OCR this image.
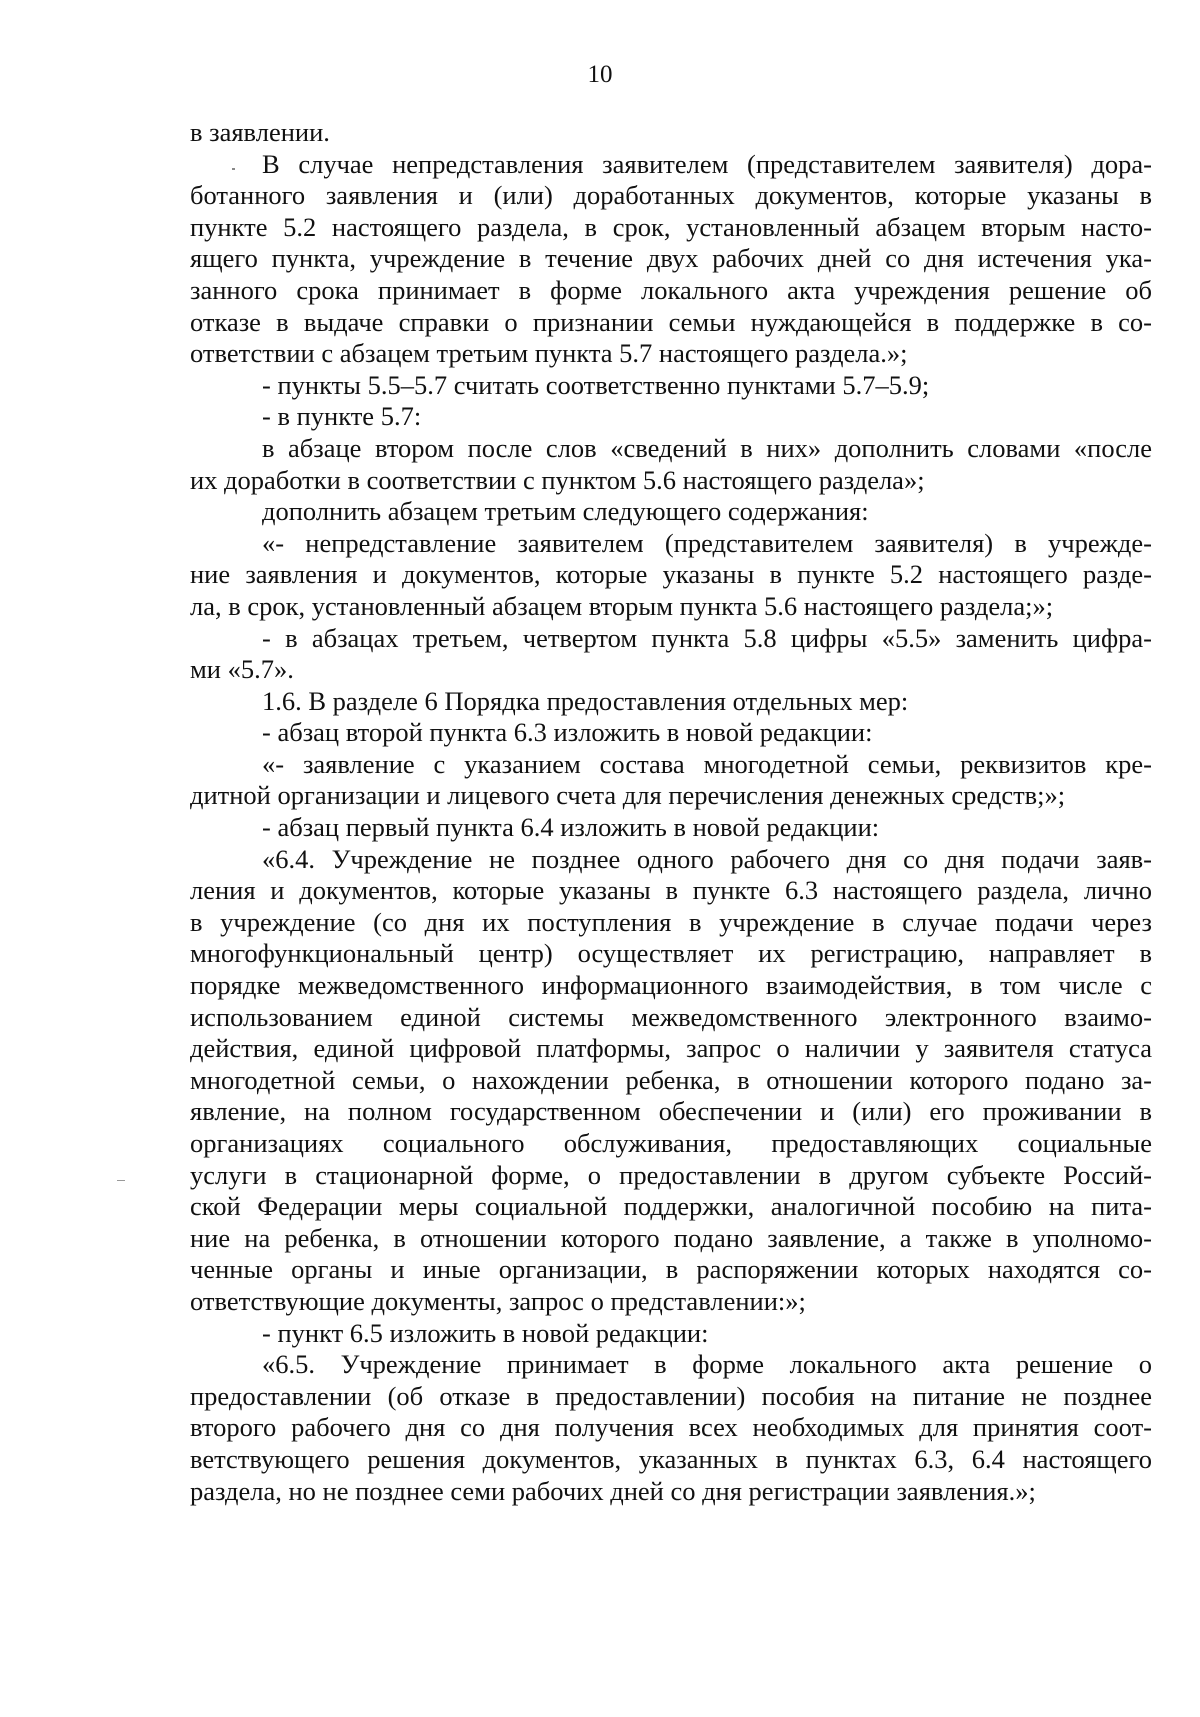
10
в заявлении.
В случае непредставления заявителем (представителем заявителя) дора-
ботанного заявления и (или) доработанных документов, которые указаны в
пункте 5.2 настоящего раздела, в срок, установленный абзацем вторым насто-
ящего пункта, учреждение в течение двух рабочих дней со дня истечения ука-
занного срока принимает в форме локального акта учреждения решение об
отказе в выдаче справки о признании семьи нуждающейся в поддержке в со-
ответствии с абзацем третьим пункта 5.7 настоящего раздела.»;
- пункты 5.5–5.7 считать соответственно пунктами 5.7–5.9;
- в пункте 5.7:
в абзаце втором после слов «сведений в них» дополнить словами «после
их доработки в соответствии с пунктом 5.6 настоящего раздела»;
дополнить абзацем третьим следующего содержания:
«- непредставление заявителем (представителем заявителя) в учрежде-
ние заявления и документов, которые указаны в пункте 5.2 настоящего разде-
ла, в срок, установленный абзацем вторым пункта 5.6 настоящего раздела;»;
- в абзацах третьем, четвертом пункта 5.8 цифры «5.5» заменить цифра-
ми «5.7».
1.6. В разделе 6 Порядка предоставления отдельных мер:
- абзац второй пункта 6.3 изложить в новой редакции:
«- заявление с указанием состава многодетной семьи, реквизитов кре-
дитной организации и лицевого счета для перечисления денежных средств;»;
- абзац первый пункта 6.4 изложить в новой редакции:
«6.4. Учреждение не позднее одного рабочего дня со дня подачи заяв-
ления и документов, которые указаны в пункте 6.3 настоящего раздела, лично
в учреждение (со дня их поступления в учреждение в случае подачи через
многофункциональный центр) осуществляет их регистрацию, направляет в
порядке межведомственного информационного взаимодействия, в том числе с
использованием единой системы межведомственного электронного взаимо-
действия, единой цифровой платформы, запрос о наличии у заявителя статуса
многодетной семьи, о нахождении ребенка, в отношении которого подано за-
явление, на полном государственном обеспечении и (или) его проживании в
организациях социального обслуживания, предоставляющих социальные
услуги в стационарной форме, о предоставлении в другом субъекте Россий-
ской Федерации меры социальной поддержки, аналогичной пособию на пита-
ние на ребенка, в отношении которого подано заявление, а также в уполномо-
ченные органы и иные организации, в распоряжении которых находятся со-
ответствующие документы, запрос о представлении:»;
- пункт 6.5 изложить в новой редакции:
«6.5. Учреждение принимает в форме локального акта решение о
предоставлении (об отказе в предоставлении) пособия на питание не позднее
второго рабочего дня со дня получения всех необходимых для принятия соот-
ветствующего решения документов, указанных в пунктах 6.3, 6.4 настоящего
раздела, но не позднее семи рабочих дней со дня регистрации заявления.»;
